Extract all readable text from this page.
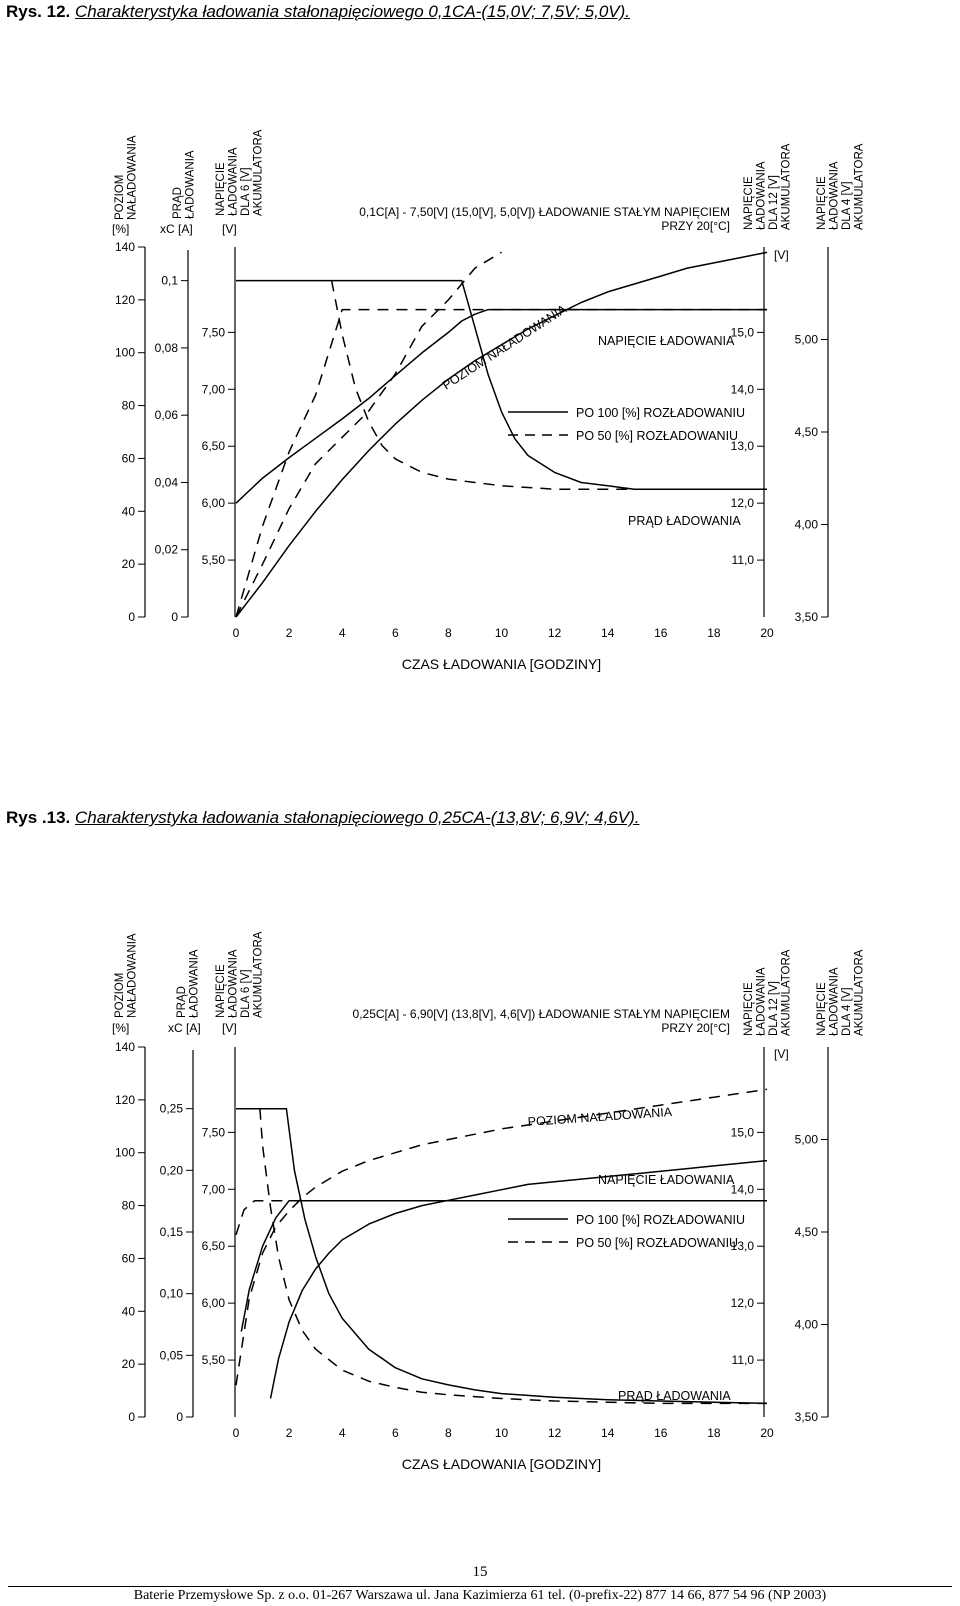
Rys. 12. Charakterystyka ładowania stałonapięciowego 0,1CA-(15,0V; 7,5V; 5,0V).
0
20
40
60
80
100
120
140
POZIOM NAŁADOWANIA
[%]
0
0,02
0,04
0,06
0,08
0,1
PRĄD ŁADOWANIA
xC [A]
5,50
6,00
6,50
7,00
7,50
NAPIĘCIE ŁADOWANIA DLA 6 [V] AKUMULATORA
[V]
11,0
12,0
13,0
14,0
15,0
NAPIĘCIE ŁADOWANIA DLA 12 [V] AKUMULATORA
[V]
3,50
4,00
4,50
5,00
NAPIĘCIE ŁADOWANIA DLA 4 [V] AKUMULATORA
0	2	4	6	8	10	12	14	16	18	20
CZAS ŁADOWANIA [GODZINY]
0,1C[A] - 7,50[V] (15,0[V], 5,0[V]) ŁADOWANIE STAŁYM NAPIĘCIEM
PRZY 20[°C]
PO 100 [%] ROZŁADOWANIU
PO 50 [%] ROZŁADOWANIU
POZIOM NAŁADOWANIA NAPIĘCIE ŁADOWANIA
PRĄD ŁADOWANIA
Rys .13. Charakterystyka ładowania stałonapięciowego 0,25CA-(13,8V; 6,9V; 4,6V).
0
20
40
60
80
100
120
140
POZIOM NAŁADOWANIA
[%]
0
0,05
0,10
0,15
0,20
0,25
PRĄD ŁADOWANIA
xC [A]
5,50
6,00
6,50
7,00
7,50
NAPIĘCIE ŁADOWANIA DLA 6 [V] AKUMULATORA
[V]
11,0
12,0
13,0
14,0
15,0
NAPIĘCIE ŁADOWANIA DLA 12 [V] AKUMULATORA
[V]
3,50
4,00
4,50
5,00
NAPIĘCIE ŁADOWANIA DLA 4 [V] AKUMULATORA
0	2	4	6	8	10	12	14	16	18	20
CZAS ŁADOWANIA [GODZINY]
0,25C[A] - 6,90[V] (13,8[V], 4,6[V]) ŁADOWANIE STAŁYM NAPIĘCIEM
PRZY 20[°C]
PO 100 [%] ROZŁADOWANIU
PO 50 [%] ROZŁADOWANIU
POZIOM NAŁADOWANIA
NAPIĘCIE ŁADOWANIA
PRĄD ŁADOWANIA
15
Baterie Przemysłowe Sp. z o.o. 01-267 Warszawa ul. Jana Kazimierza 61 tel. (0-prefix-22) 877 14 66, 877 54 96 (NP 2003)
